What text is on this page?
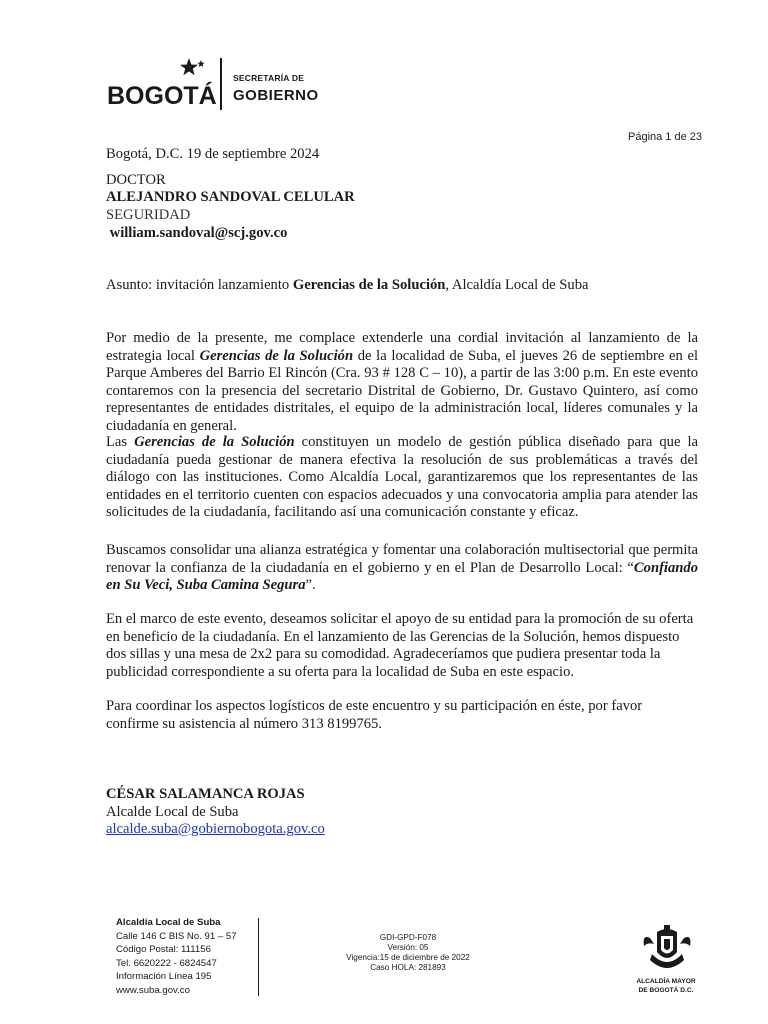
BOGOTÁ
SECRETARÍA DE
GOBIERNO
Página 1 de 23
Bogotá, D.C. 19 de septiembre 2024
DOCTOR
ALEJANDRO SANDOVAL CELULAR
SEGURIDAD
william.sandoval@scj.gov.co
Asunto: invitación lanzamiento Gerencias de la Solución, Alcaldía Local de Suba
Por medio de la presente, me complace extenderle una cordial invitación al lanzamiento de la estrategia local Gerencias de la Solución de la localidad de Suba, el jueves 26 de septiembre en el Parque Amberes del Barrio El Rincón (Cra. 93 # 128 C – 10), a partir de las 3:00 p.m. En este evento contaremos con la presencia del secretario Distrital de Gobierno, Dr. Gustavo Quintero, así como representantes de entidades distritales, el equipo de la administración local, líderes comunales y la ciudadanía en general.
Las Gerencias de la Solución constituyen un modelo de gestión pública diseñado para que la ciudadanía pueda gestionar de manera efectiva la resolución de sus problemáticas a través del diálogo con las instituciones. Como Alcaldía Local, garantizaremos que los representantes de las entidades en el territorio cuenten con espacios adecuados y una convocatoria amplia para atender las solicitudes de la ciudadanía, facilitando así una comunicación constante y eficaz.
Buscamos consolidar una alianza estratégica y fomentar una colaboración multisectorial que permita renovar la confianza de la ciudadanía en el gobierno y en el Plan de Desarrollo Local: “Confiando en Su Veci, Suba Camina Segura”.
En el marco de este evento, deseamos solicitar el apoyo de su entidad para la promoción de su oferta en beneficio de la ciudadanía. En el lanzamiento de las Gerencias de la Solución, hemos dispuesto dos sillas y una mesa de 2x2 para su comodidad. Agradeceríamos que pudiera presentar toda la publicidad correspondiente a su oferta para la localidad de Suba en este espacio.
Para coordinar los aspectos logísticos de este encuentro y su participación en éste, por favor confirme su asistencia al número 313 8199765.
CÉSAR SALAMANCA ROJAS
Alcalde Local de Suba
alcalde.suba@gobiernobogota.gov.co
Alcaldía Local de Suba
Calle 146 C BIS No. 91 – 57
Código Postal: 111156
Tel. 6620222 - 6824547
Información Línea 195
www.suba.gov.co
GDI-GPD-F078
Versión: 05
Vigencia:15 de diciembre de 2022
Caso HOLA: 281893
ALCALDÍA MAYOR
DE BOGOTÁ D.C.
